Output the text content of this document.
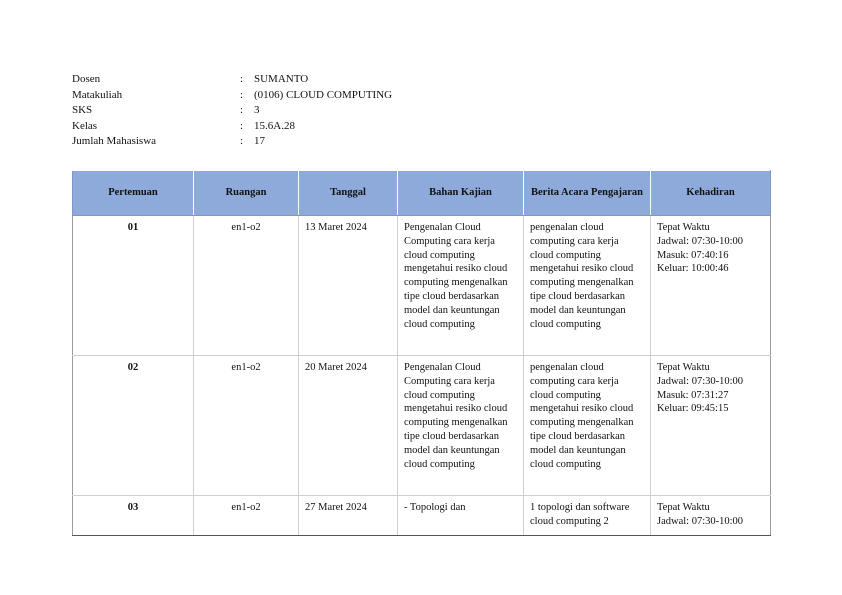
Dosen	: SUMANTO
Matakuliah	: (0106) CLOUD COMPUTING
SKS	: 3
Kelas	: 15.6A.28
Jumlah Mahasiswa	: 17
Pertemuan	Ruangan	Tanggal	Bahan Kajian	Berita Acara Pengajaran	Kehadiran
01	en1-o2	13 Maret 2024	Pengenalan Cloud Computing cara kerja cloud computing mengetahui resiko cloud computing mengenalkan tipe cloud berdasarkan model dan keuntungan cloud computing	pengenalan cloud computing cara kerja cloud computing mengetahui resiko cloud computing mengenalkan tipe cloud berdasarkan model dan keuntungan cloud computing	Tepat Waktu
Jadwal: 07:30-10:00
Masuk: 07:40:16
Keluar: 10:00:46

02	en1-o2	20 Maret 2024	Pengenalan Cloud Computing cara kerja cloud computing mengetahui resiko cloud computing mengenalkan tipe cloud berdasarkan model dan keuntungan cloud computing	pengenalan cloud computing cara kerja cloud computing mengetahui resiko cloud computing mengenalkan tipe cloud berdasarkan model dan keuntungan cloud computing	Tepat Waktu
Jadwal: 07:30-10:00
Masuk: 07:31:27
Keluar: 09:45:15

03	en1-o2	27 Maret 2024	- Topologi dan	1 topologi dan software cloud computing 2	Tepat Waktu
Jadwal: 07:30-10:00
